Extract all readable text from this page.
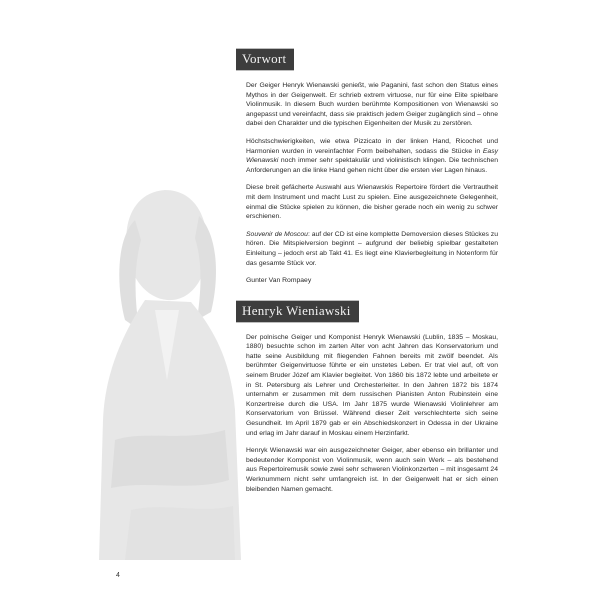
Vorwort

Der Geiger Henryk Wienawski genießt, wie Paganini, fast schon den Status eines Mythos in der Geigenwelt. Er schrieb extrem virtuose, nur für eine Elite spielbare Violinmusik. In diesem Buch wurden berühmte Kompositionen von Wienawski so angepasst und vereinfacht, dass sie praktisch jedem Geiger zugänglich sind – ohne dabei den Charakter und die typischen Eigenheiten der Musik zu zerstören.

Höchstschwierigkeiten, wie etwa Pizzicato in der linken Hand, Ricochet und Harmonien wurden in vereinfachter Form beibehalten, sodass die Stücke in Easy Wienawski noch immer sehr spektakulär und violinistisch klingen. Die technischen Anforderungen an die linke Hand gehen nicht über die ersten vier Lagen hinaus.

Diese breit gefächerte Auswahl aus Wienawskis Repertoire fördert die Vertrautheit mit dem Instrument und macht Lust zu spielen. Eine ausgezeichnete Gelegenheit, einmal die Stücke spielen zu können, die bisher gerade noch ein wenig zu schwer erschienen.

Souvenir de Moscou: auf der CD ist eine komplette Demoversion dieses Stückes zu hören. Die Mitspielversion beginnt – aufgrund der beliebig spielbar gestalteten Einleitung – jedoch erst ab Takt 41. Es liegt eine Klavierbegleitung in Notenform für das gesamte Stück vor.

Gunter Van Rompaey

Henryk Wieniawski

Der polnische Geiger und Komponist Henryk Wienawski (Lublin, 1835 – Moskau, 1880) besuchte schon im zarten Alter von acht Jahren das Konservatorium und hatte seine Ausbildung mit fliegenden Fahnen bereits mit zwölf beendet. Als berühmter Geigenvirtuose führte er ein unstetes Leben. Er trat viel auf, oft von seinem Bruder Józef am Klavier begleitet. Von 1860 bis 1872 lebte und arbeitete er in St. Petersburg als Lehrer und Orchesterleiter. In den Jahren 1872 bis 1874 unternahm er zusammen mit dem russischen Pianisten Anton Rubinstein eine Konzertreise durch die USA. Im Jahr 1875 wurde Wienawski Violinlehrer am Konservatorium von Brüssel. Während dieser Zeit verschlechterte sich seine Gesundheit. Im April 1879 gab er ein Abschiedskonzert in Odessa in der Ukraine und erlag im Jahr darauf in Moskau einem Herzinfarkt.

Henryk Wienawski war ein ausgezeichneter Geiger, aber ebenso ein brillanter und bedeutender Komponist von Violinmusik, wenn auch sein Werk – als bestehend aus Repertoiremusik sowie zwei sehr schweren Violinkonzerten – mit insgesamt 24 Werknummern nicht sehr umfangreich ist. In der Geigenwelt hat er sich einen bleibenden Namen gemacht.

4
